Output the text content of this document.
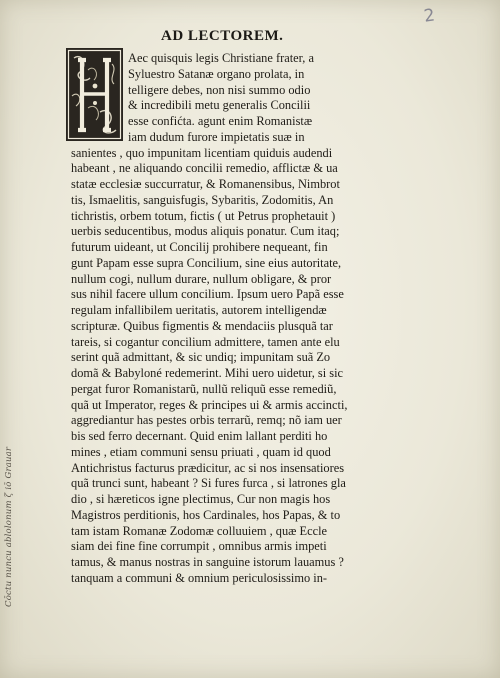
2
Cōctu nuncu ablolonum ζ iō Grauar
AD LECTOREM.
Aec quisquis legis Christiane frater, a
Syluestro Satanæ organo prolata, in
telligere debes, non nisi summo odio
& incredibili metu generalis Concilii
esse confićta. agunt enim Romanistæ
iam dudum furore impietatis suæ in
sanientes , quo impunitam licentiam quiduis audendi
habeant , ne aliquando concilii remedio, afflictæ & ua
statæ ecclesiæ succurratur, & Romanensibus, Nimbrot
tis, Ismaelitis, sanguisfugis, Sybaritis, Zodomitis, An
tichristis, orbem totum, fictis ( ut Petrus prophetauit )
uerbis seducentibus, modus aliquis ponatur. Cum itaq;
futurum uideant, ut Concilij prohibere nequeant, fin
gunt Papam esse supra Concilium, sine eius autoritate,
nullum cogi, nullum durare, nullum obligare, & pror
sus nihil facere ullum concilium. Ipsum uero Papã esse
regulam infallibilem ueritatis, autorem intelligendæ
scripturæ. Quibus figmentis & mendaciis plusquã tar
tareis, si cogantur concilium admittere, tamen ante elu
serint quã admittant, & sic undiq; impunitam suã Zo
domã & Babyloné redemerint. Mihi uero uidetur, si sic
pergat furor Romanistarũ, nullũ reliquũ esse remediũ,
quã ut Imperator, reges & principes ui & armis accincti,
aggrediantur has pestes orbis terrarũ, remq; nõ iam uer
bis sed ferro decernant. Quid enim lallant perditi ho
mines , etiam communi sensu priuati , quam id quod
Antichristus facturus prædicitur, ac si nos insensatiores
quã trunci sunt, habeant ? Si fures furca , si latrones gla
dio , si hæreticos igne plectimus, Cur non magis hos
Magistros perditionis, hos Cardinales, hos Papas, & to
tam istam Romanæ Zodomæ colluuiem , quæ Eccle
siam dei fine fine corrumpit , omnibus armis impeti
tamus, & manus nostras in sanguine istorum lauamus ?
tanquam a communi & omnium periculosissimo in-
